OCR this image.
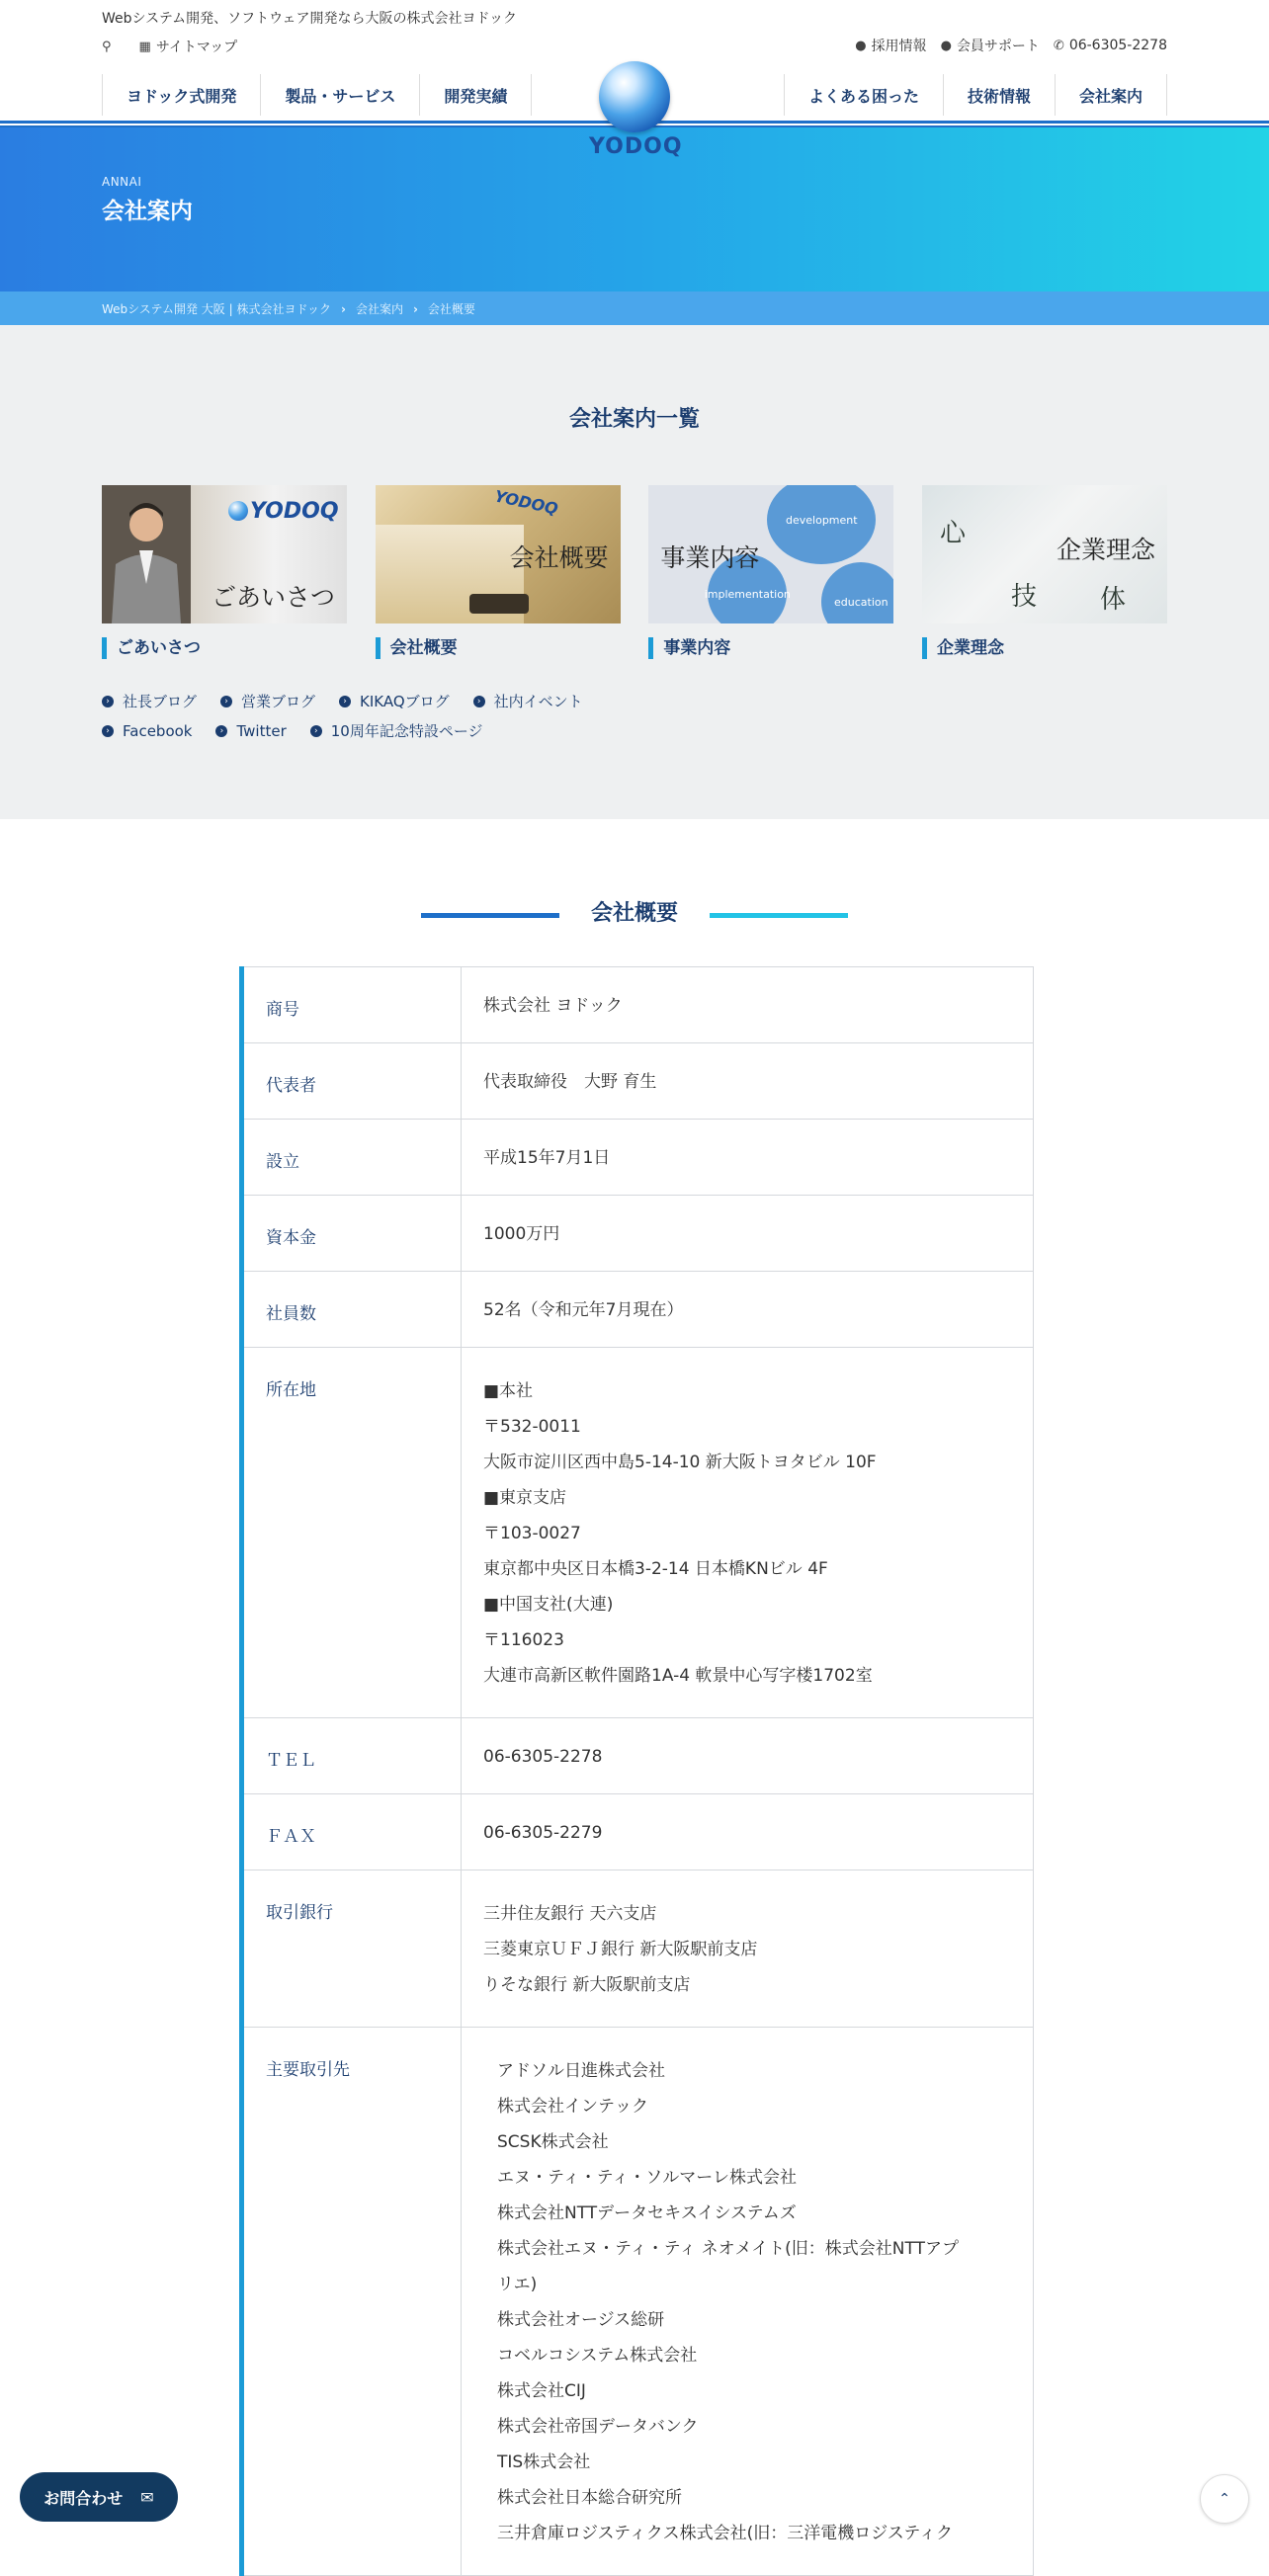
Webシステム開発、ソフトウェア開発なら大阪の株式会社ヨドック
⚲ ▦ サイトマップ	● 採用情報 ● 会員サポート ✆ 06-6305-2278
ヨドック式開発	製品・サービス	開発実績	よくある困った	技術情報	会社案内
YODOQ
ANNAI
会社案内
Webシステム開発 大阪 | 株式会社ヨドック › 会社案内 › 会社概要
会社案内一覧
YODOQ
ごあいさつ
ごあいさつ
YODOQ
会社概要
会社概要
development
implementation
education
事業内容
事業内容
心
技 体
企業理念
企業理念
› 社長ブログ	› 営業ブログ	› KIKAQブログ	› 社内イベント
› Facebook	› Twitter	› 10周年記念特設ページ
会社概要
商号	株式会社 ヨドック
代表者	代表取締役　大野 育生
設立	平成15年7月1日
資本金	1000万円
社員数	52名（令和元年7月現在）
所在地	■本社
〒532-0011
大阪市淀川区西中島5-14-10 新大阪トヨタビル 10F
■東京支店
〒103-0027
東京都中央区日本橋3-2-14 日本橋KNビル 4F
■中国支社(大連)
〒116023
大連市高新区軟件園路1A-4 軟景中心写字楼1702室
ＴＥＬ	06-6305-2278
ＦＡＸ	06-6305-2279
取引銀行	三井住友銀行 天六支店
三菱東京ＵＦＪ銀行 新大阪駅前支店
りそな銀行 新大阪駅前支店
主要取引先	アドソル日進株式会社
株式会社インテック
SCSK株式会社
エヌ・ティ・ティ・ソルマーレ株式会社
株式会社NTTデータセキスイシステムズ
株式会社エヌ・ティ・ティ ネオメイト(旧：株式会社NTTアプ
リエ)
株式会社オージス総研
コベルコシステム株式会社
株式会社CIJ
株式会社帝国データバンク
TIS株式会社
株式会社日本総合研究所
三井倉庫ロジスティクス株式会社(旧：三洋電機ロジスティク
お問合わせ ✉	⌃
